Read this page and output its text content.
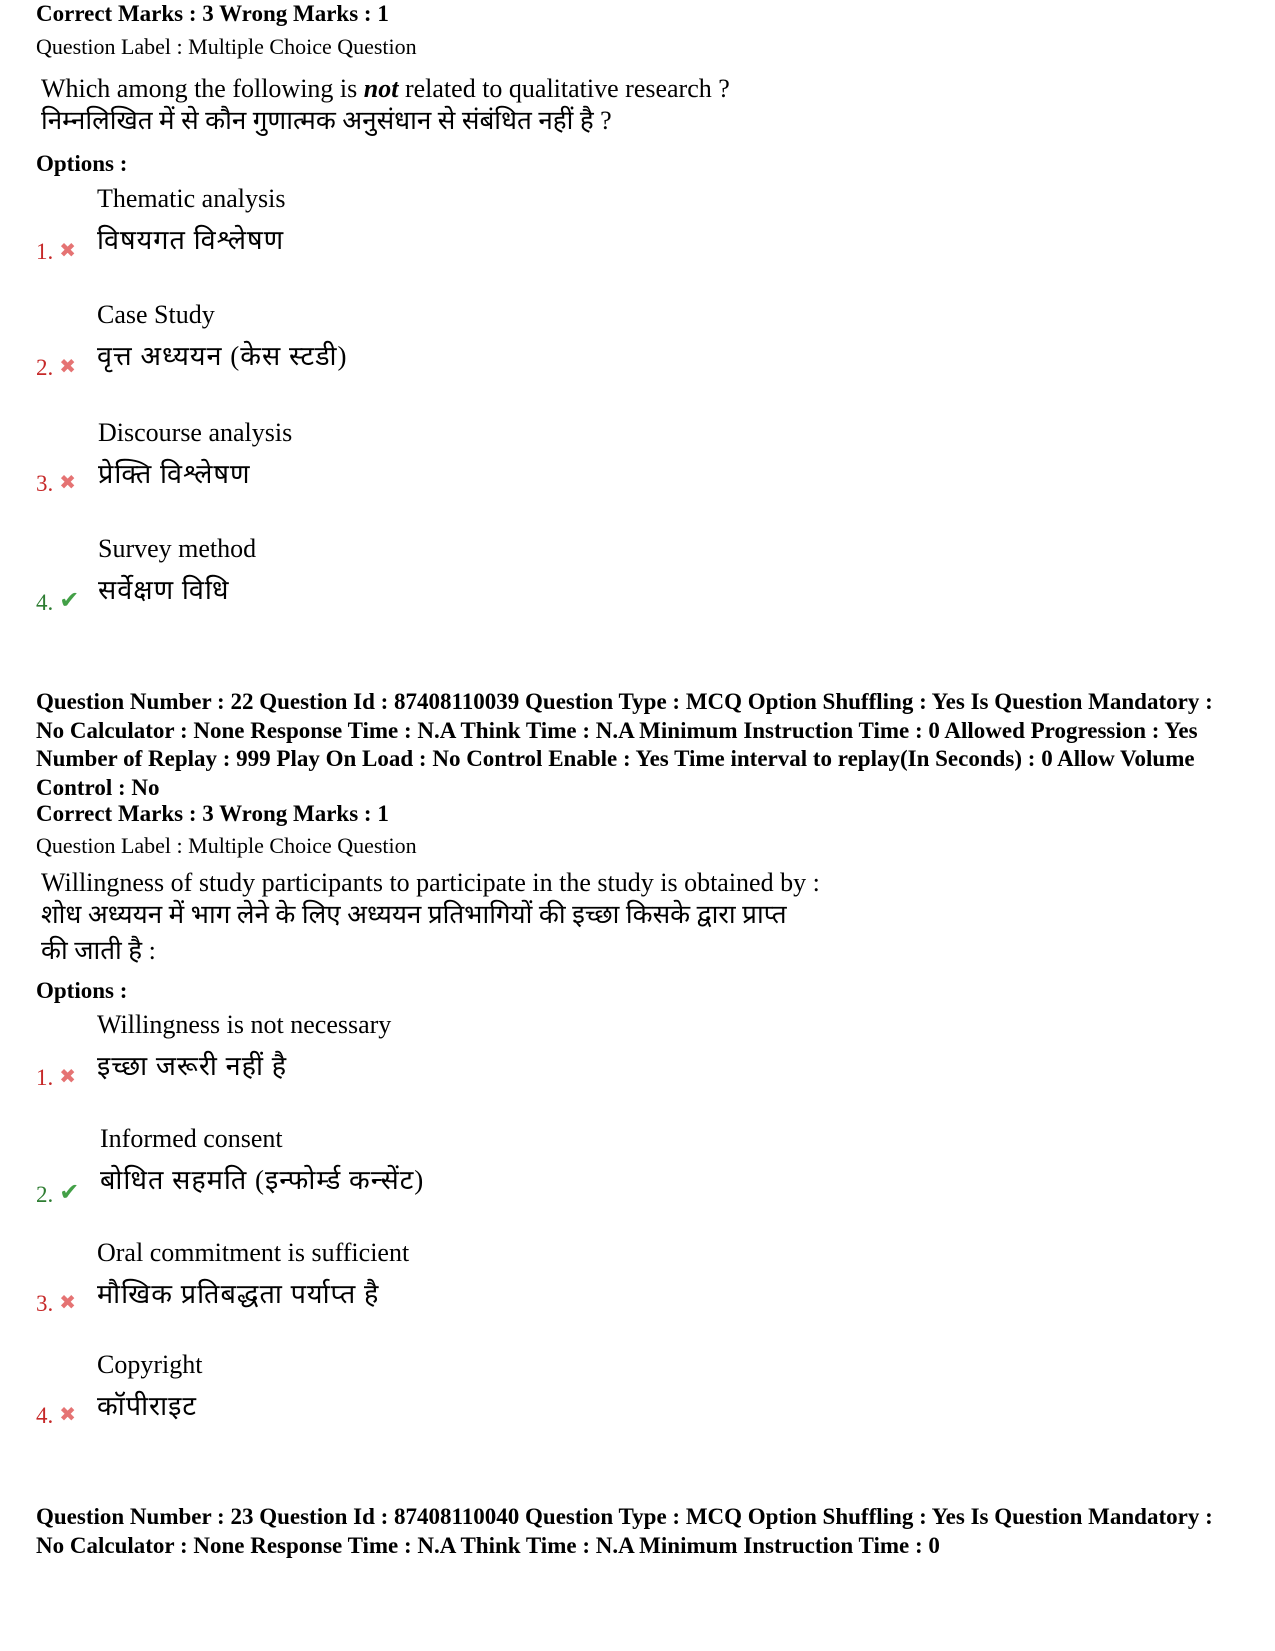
Correct Marks : 3 Wrong Marks : 1
Question Label : Multiple Choice Question
Which among the following is not related to qualitative research ?
निम्नलिखित में से कौन गुणात्मक अनुसंधान से संबंधित नहीं है ?
Options :
Thematic analysis
विषयगत विश्लेषण
1. ✖
Case Study
वृत्त अध्ययन (केस स्टडी)
2. ✖
Discourse analysis
प्रेक्ति विश्लेषण
3. ✖
Survey method
सर्वेक्षण विधि
4. ✔
Question Number : 22 Question Id : 87408110039 Question Type : MCQ Option Shuffling : Yes Is Question Mandatory : No Calculator : None Response Time : N.A Think Time : N.A Minimum Instruction Time : 0 Allowed Progression : Yes Number of Replay : 999 Play On Load : No Control Enable : Yes Time interval to replay(In Seconds) : 0 Allow Volume Control : No
Correct Marks : 3 Wrong Marks : 1
Question Label : Multiple Choice Question
Willingness of study participants to participate in the study is obtained by :
शोध अध्ययन में भाग लेने के लिए अध्ययन प्रतिभागियों की इच्छा किसके द्वारा प्राप्त
की जाती है :
Options :
Willingness is not necessary
इच्छा जरूरी नहीं है
1. ✖
Informed consent
बोधित सहमति (इन्फोर्म्ड कन्सेंट)
2. ✔
Oral commitment is sufficient
मौखिक प्रतिबद्धता पर्याप्त है
3. ✖
Copyright
कॉपीराइट
4. ✖
Question Number : 23 Question Id : 87408110040 Question Type : MCQ Option Shuffling : Yes Is Question Mandatory : No Calculator : None Response Time : N.A Think Time : N.A Minimum Instruction Time : 0
